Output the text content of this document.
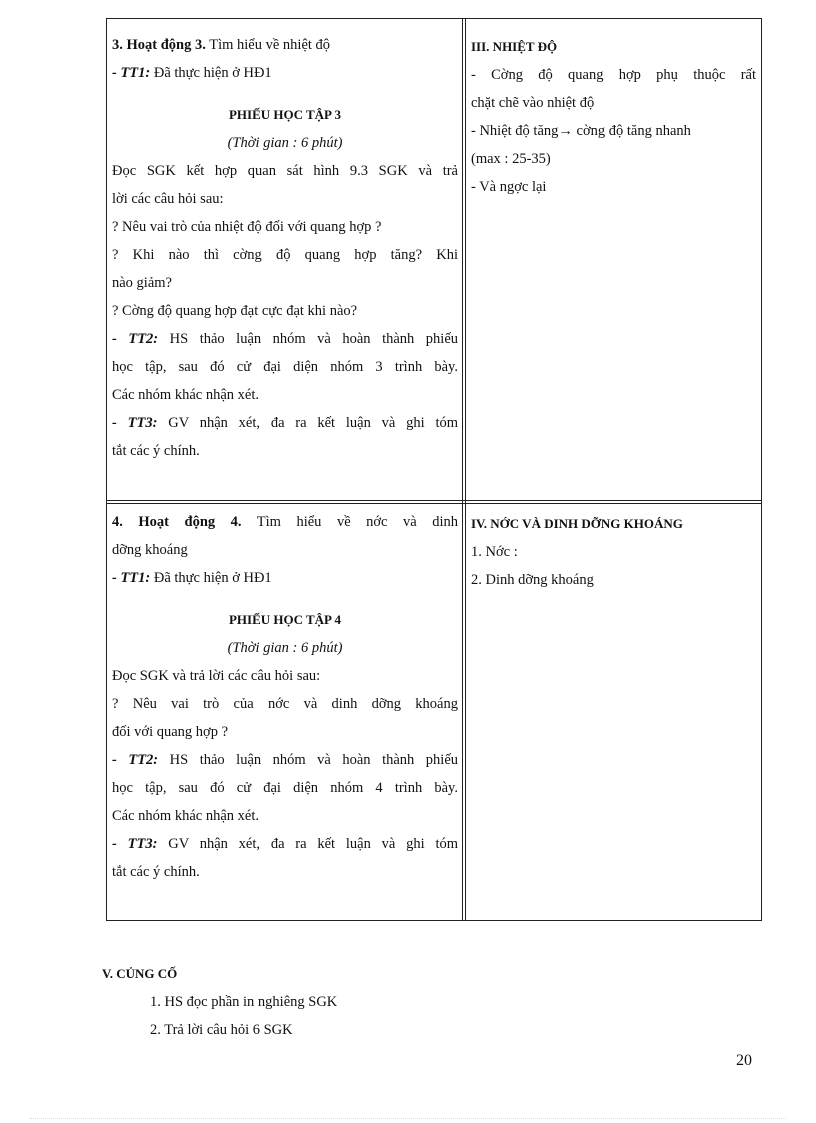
3. Hoạt động 3. Tìm hiểu về nhiệt độ
- TT1: Đã thực hiện ở HĐ1
PHIẾU HỌC TẬP 3
(Thời gian : 6 phút)
Đọc SGK kết hợp quan sát hình 9.3 SGK và trả
lời các câu hỏi sau:
? Nêu vai trò của nhiệt độ đối với quang hợp ?
? Khi nào thì cờng độ quang hợp tăng? Khi
nào giảm?
? Cờng độ quang hợp đạt cực đạt khi nào?
- TT2: HS thảo luận nhóm và hoàn thành phiếu
học tập, sau đó cử đại diện nhóm 3 trình bày.
Các nhóm khác nhận xét.
- TT3: GV nhận xét, đa ra kết luận và ghi tóm
tắt các ý chính.
III. NHIỆT ĐỘ
- Cờng độ quang hợp phụ thuộc rất
chặt chẽ vào nhiệt độ
- Nhiệt độ tăng→ cờng độ tăng nhanh
(max : 25-35)
- Và ngợc lại
4. Hoạt động 4. Tìm hiểu về nớc và dinh
dỡng khoáng
- TT1: Đã thực hiện ở HĐ1
PHIẾU HỌC TẬP 4
(Thời gian : 6 phút)
Đọc SGK và trả lời các câu hỏi sau:
? Nêu vai trò của nớc và dinh dỡng khoáng
đối với quang hợp ?
- TT2: HS thảo luận nhóm và hoàn thành phiếu
học tập, sau đó cử đại diện nhóm 4 trình bày.
Các nhóm khác nhận xét.
- TT3: GV nhận xét, đa ra kết luận và ghi tóm
tắt các ý chính.
IV. NỚC VÀ DINH DỠNG KHOÁNG
1. Nớc :
2. Dinh dỡng khoáng
V. CỦNG CỐ
1. HS đọc phần in nghiêng SGK
2. Trả lời câu hỏi 6 SGK
20
